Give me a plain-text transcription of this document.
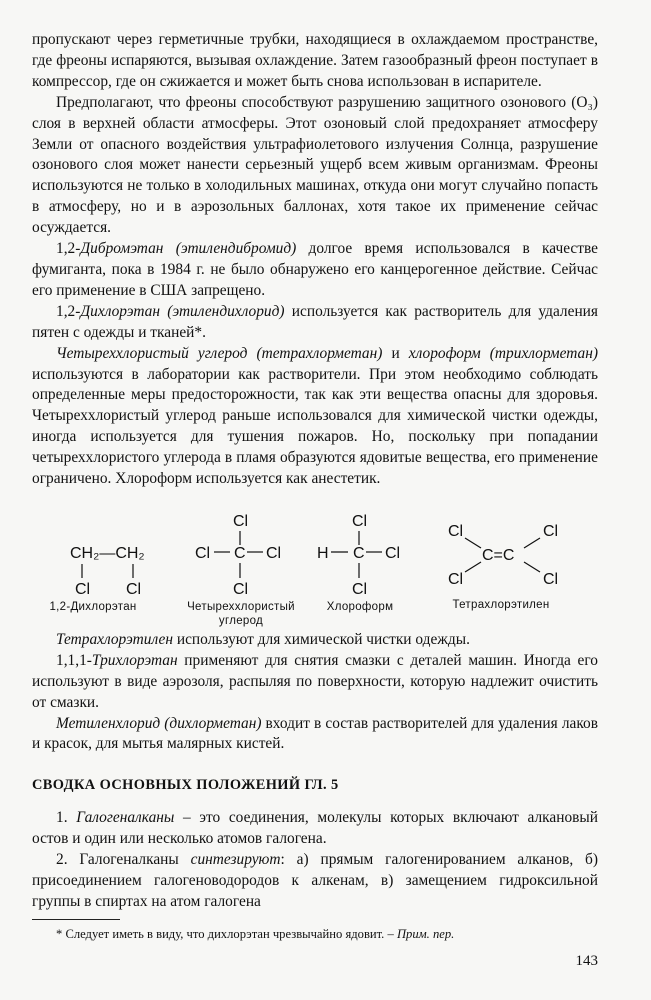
пропускают через герметичные трубки, находящиеся в охлаждаемом пространстве, где фреоны испаряются, вызывая охлаждение. Затем газообразный фреон поступает в компрессор, где он сжижается и может быть снова использован в испарителе.

Предполагают, что фреоны способствуют разрушению защитного озонового (O₃) слоя в верхней области атмосферы. Этот озоновый слой предохраняет атмосферу Земли от опасного воздействия ультрафиолетового излучения Солнца, разрушение озонового слоя может нанести серьезный ущерб всем живым организмам. Фреоны используются не только в холодильных машинах, откуда они могут случайно попасть в атмосферу, но и в аэрозольных баллонах, хотя такое их применение сейчас осуждается.

1,2-Дибромэтан (этилендибромид) долгое время использовался в качестве фумиганта, пока в 1984 г. не было обнаружено его канцерогенное действие. Сейчас его применение в США запрещено.

1,2-Дихлорэтан (этилендихлорид) используется как растворитель для удаления пятен с одежды и тканей*.

Четыреххлористый углерод (тетрахлорметан) и хлороформ (трихлорметан) используются в лаборатории как растворители. При этом необходимо соблюдать определенные меры предосторожности, так как эти вещества опасны для здоровья. Четыреххлористый углерод раньше использовался для химической чистки одежды, иногда используется для тушения пожаров. Но, поскольку при попадании четыреххлористого углерода в пламя образуются ядовитые вещества, его применение ограничено. Хлороформ используется как анестетик.

CH₂—CH₂
Cl Cl
Cl
Cl C Cl
Cl
Cl
H C Cl
Cl
Cl	Cl
C=C
Cl	Cl
1,2-Дихлорэтан	Четыреххлористый углерод
Хлороформ	Тетрахлорэтилен

Тетрахлорэтилен используют для химической чистки одежды.

1,1,1-Трихлорэтан применяют для снятия смазки с деталей машин. Иногда его используют в виде аэрозоля, распыляя по поверхности, которую надлежит очистить от смазки.

Метиленхлорид (дихлорметан) входит в состав растворителей для удаления лаков и красок, для мытья малярных кистей.

СВОДКА ОСНОВНЫХ ПОЛОЖЕНИЙ ГЛ. 5

1. Галогеналканы – это соединения, молекулы которых включают алкановый остов и один или несколько атомов галогена.

2. Галогеналканы синтезируют: а) прямым галогенированием алканов, б) присоединением галогеноводородов к алкенам, в) замещением гидроксильной группы в спиртах на атом галогена

* Следует иметь в виду, что дихлорэтан чрезвычайно ядовит. – Прим. пер.

143
